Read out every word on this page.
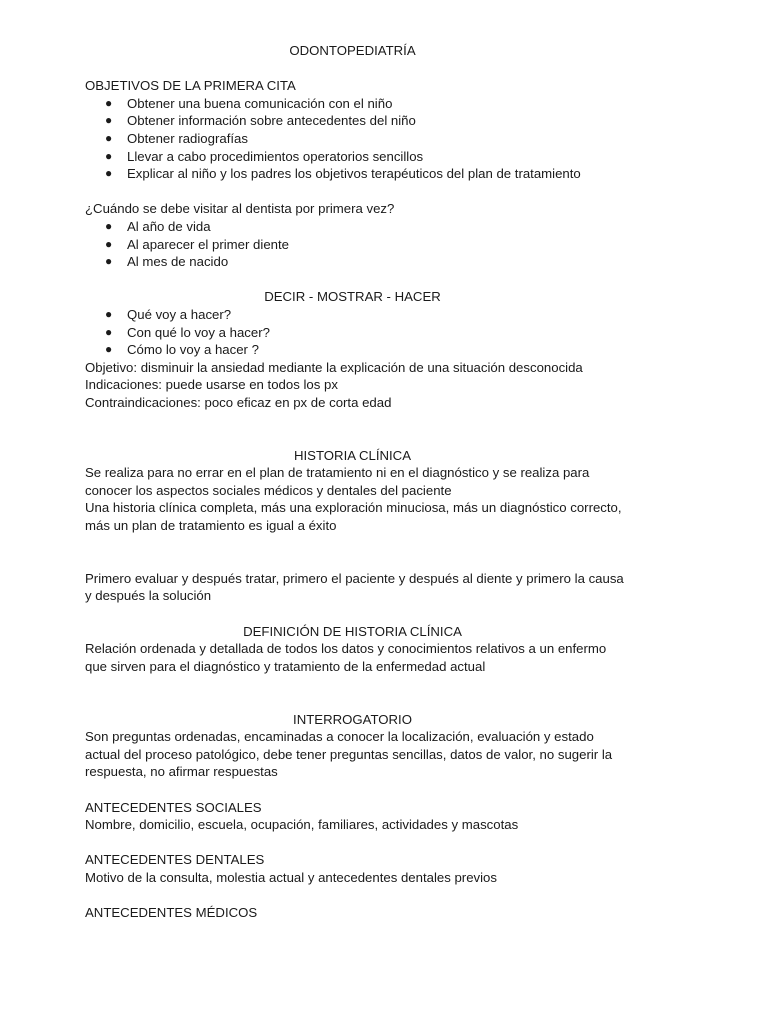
ODONTOPEDIATRÍA

OBJETIVOS DE LA PRIMERA CITA

● Obtener una buena comunicación con el niño
● Obtener información sobre antecedentes del niño
● Obtener radiografías
● Llevar a cabo procedimientos operatorios sencillos
● Explicar al niño y los padres los objetivos terapéuticos del plan de tratamiento

¿Cuándo se debe visitar al dentista por primera vez?

● Al año de vida
● Al aparecer el primer diente
● Al mes de nacido

DECIR - MOSTRAR - HACER

● Qué voy a hacer?
● Con qué lo voy a hacer?
● Cómo lo voy a hacer ?

Objetivo: disminuir la ansiedad mediante la explicación de una situación desconocida

Indicaciones: puede usarse en todos los px

Contraindicaciones: poco eficaz en px de corta edad

HISTORIA CLÍNICA

Se realiza para no errar en el plan de tratamiento ni en el diagnóstico y se realiza para

conocer los aspectos sociales médicos y dentales del paciente

Una historia clínica completa, más una exploración minuciosa, más un diagnóstico correcto,

más un plan de tratamiento es igual a éxito

Primero evaluar y después tratar, primero el paciente y después al diente y primero la causa

y después la solución

DEFINICIÓN DE HISTORIA CLÍNICA

Relación ordenada y detallada de todos los datos y conocimientos relativos a un enfermo

que sirven para el diagnóstico y tratamiento de la enfermedad actual

INTERROGATORIO

Son preguntas ordenadas, encaminadas a conocer la localización, evaluación y estado

actual del proceso patológico, debe tener preguntas sencillas, datos de valor, no sugerir la

respuesta, no afirmar respuestas

ANTECEDENTES SOCIALES

Nombre, domicilio, escuela, ocupación, familiares, actividades y mascotas

ANTECEDENTES DENTALES

Motivo de la consulta, molestia actual y antecedentes dentales previos

ANTECEDENTES MÉDICOS
